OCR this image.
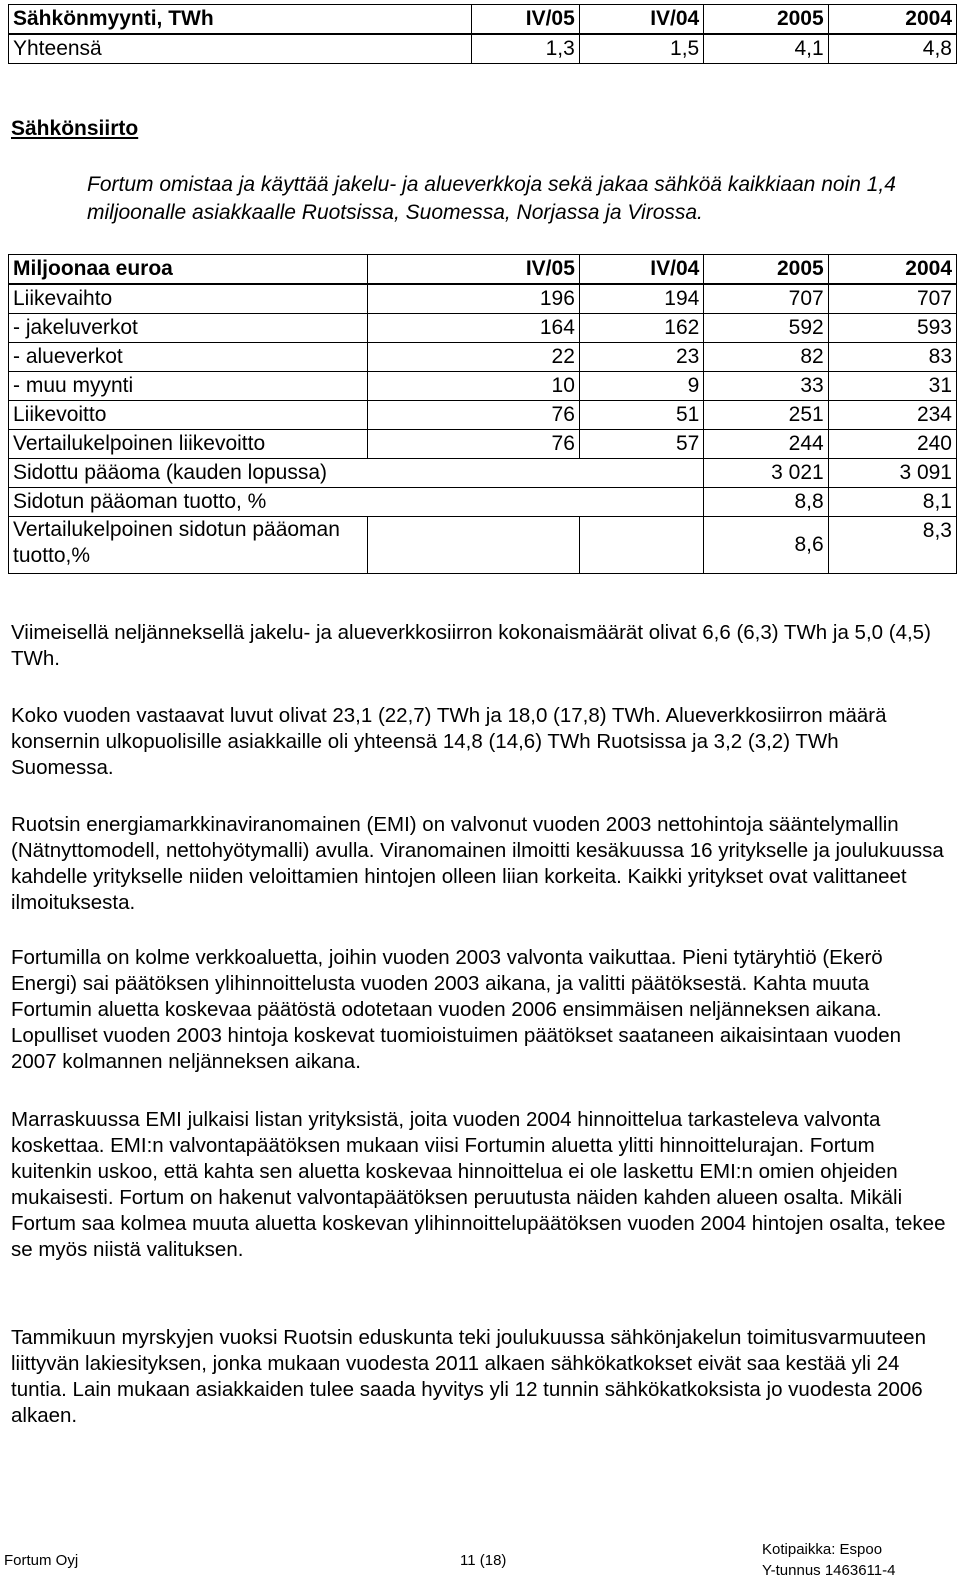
Sähkönmyynti, TWh	IV/05	IV/04	2005	2004
Yhteensä	1,3	1,5	4,1	4,8
Sähkönsiirto
Fortum omistaa ja käyttää jakelu- ja alueverkkoja sekä jakaa sähköä kaikkiaan noin 1,4 miljoonalle asiakkaalle Ruotsissa, Suomessa, Norjassa ja Virossa.
Miljoonaa euroa	IV/05	IV/04	2005	2004
Liikevaihto	196	194	707	707
- jakeluverkot	164	162	592	593
- alueverkot	22	23	82	83
- muu myynti	10	9	33	31
Liikevoitto	76	51	251	234
Vertailukelpoinen liikevoitto	76	57	244	240
Sidottu pääoma (kauden lopussa)			3 021	3 091
Sidotun pääoman tuotto, %			8,8	8,1
Vertailukelpoinen sidotun pääoman tuotto,%			8,6	8,3

Viimeisellä neljänneksellä jakelu- ja alueverkkosiirron kokonaismäärät olivat 6,6 (6,3) TWh ja 5,0 (4,5) TWh.

Koko vuoden vastaavat luvut olivat 23,1 (22,7) TWh ja 18,0 (17,8) TWh. Alueverkkosiirron määrä konsernin ulkopuolisille asiakkaille oli yhteensä 14,8 (14,6) TWh Ruotsissa ja 3,2 (3,2) TWh Suomessa.

Ruotsin energiamarkkinaviranomainen (EMI) on valvonut vuoden 2003 nettohintoja sääntelymallin (Nätnyttomodell, nettohyötymalli) avulla. Viranomainen ilmoitti kesäkuussa 16 yritykselle ja joulukuussa kahdelle yritykselle niiden veloittamien hintojen olleen liian korkeita. Kaikki yritykset ovat valittaneet ilmoituksesta.

Fortumilla on kolme verkkoaluetta, joihin vuoden 2003 valvonta vaikuttaa. Pieni tytäryhtiö (Ekerö Energi) sai päätöksen ylihinnoittelusta vuoden 2003 aikana, ja valitti päätöksestä. Kahta muuta Fortumin aluetta koskevaa päätöstä odotetaan vuoden 2006 ensimmäisen neljänneksen aikana. Lopulliset vuoden 2003 hintoja koskevat tuomioistuimen päätökset saataneen aikaisintaan vuoden 2007 kolmannen neljänneksen aikana.

Marraskuussa EMI julkaisi listan yrityksistä, joita vuoden 2004 hinnoittelua tarkasteleva valvonta koskettaa. EMI:n valvontapäätöksen mukaan viisi Fortumin aluetta ylitti hinnoittelurajan. Fortum kuitenkin uskoo, että kahta sen aluetta koskevaa hinnoittelua ei ole laskettu EMI:n omien ohjeiden mukaisesti. Fortum on hakenut valvontapäätöksen peruutusta näiden kahden alueen osalta. Mikäli Fortum saa kolmea muuta aluetta koskevan ylihinnoittelupäätöksen vuoden 2004 hintojen osalta, tekee se myös niistä valituksen.

Tammikuun myrskyjen vuoksi Ruotsin eduskunta teki joulukuussa sähkönjakelun toimitusvarmuuteen liittyvän lakiesityksen, jonka mukaan vuodesta 2011 alkaen sähkökatkokset eivät saa kestää yli 24 tuntia. Lain mukaan asiakkaiden tulee saada hyvitys yli 12 tunnin sähkökatkoksista jo vuodesta 2006 alkaen.

Fortum Oyj	11 (18)
Kotipaikka: Espoo
Y-tunnus 1463611-4
